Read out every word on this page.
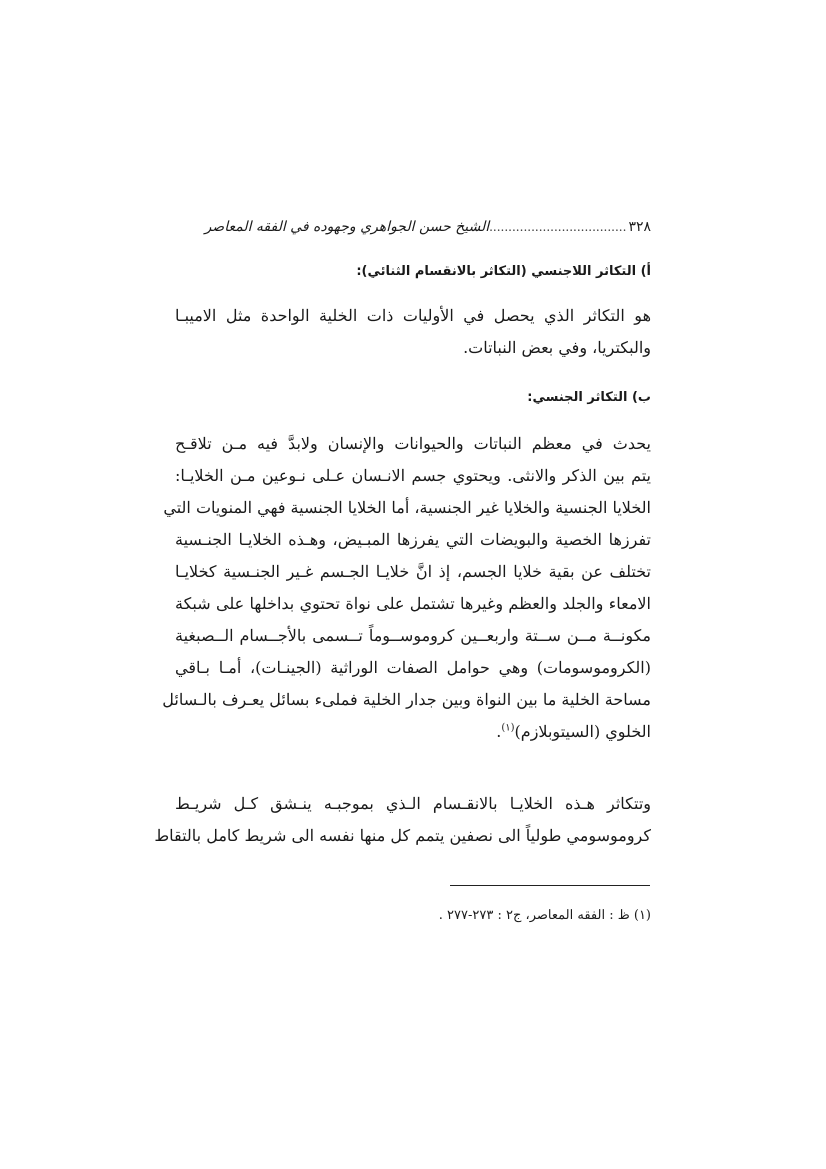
٣٢٨
....................................
الشيخ حسن الجواهري وجهوده في الفقه المعاصر
أ) التكاثر اللاجنسي (التكاثر بالانقسام الثنائي):
هو التكاثر الذي يحصل في الأوليات ذات الخلية الواحدة مثل الاميبـا
والبكتريا، وفي بعض النباتات.
ب) التكاثر الجنسي:
يحدث في معظم النباتات والحيوانات والإنسان ولابدَّ فيه مـن تلاقـح
يتم بين الذكر والانثى. ويحتوي جسم الانـسان عـلى نـوعين مـن الخلايـا:
الخلايا الجنسية والخلايا غير الجنسية، أما الخلايا الجنسية فهي المنويات التي
تفرزها الخصية والبويضات التي يفرزها المبـيض، وهـذه الخلايـا الجنـسية
تختلف عن بقية خلايا الجسم، إذ انَّ خلايـا الجـسم غـير الجنـسية كخلايـا
الامعاء والجلد والعظم وغيرها تشتمل على نواة تحتوي بداخلها على شبكة
مكونــة مــن ســتة واربعــين كروموســوماً تــسمى بالأجــسام الــصبغية
(الكروموسومات) وهي حوامل الصفات الوراثية (الجينـات)، أمـا بـاقي
مساحة الخلية ما بين النواة وبين جدار الخلية فملىء بسائل يعـرف بالـسائل
الخلوي (السيتوبلازم)$^{(١)}$.
وتتكاثر هـذه الخلايـا بالانقـسام الـذي بموجبـه ينـشق كـل شريـط
كروموسومي طولياً الى نصفين يتمم كل منها نفسه الى شريط كامل بالتقاط
(١) ظ : الفقه المعاصر، ج٢ : ٢٧٣-٢٧٧ .
